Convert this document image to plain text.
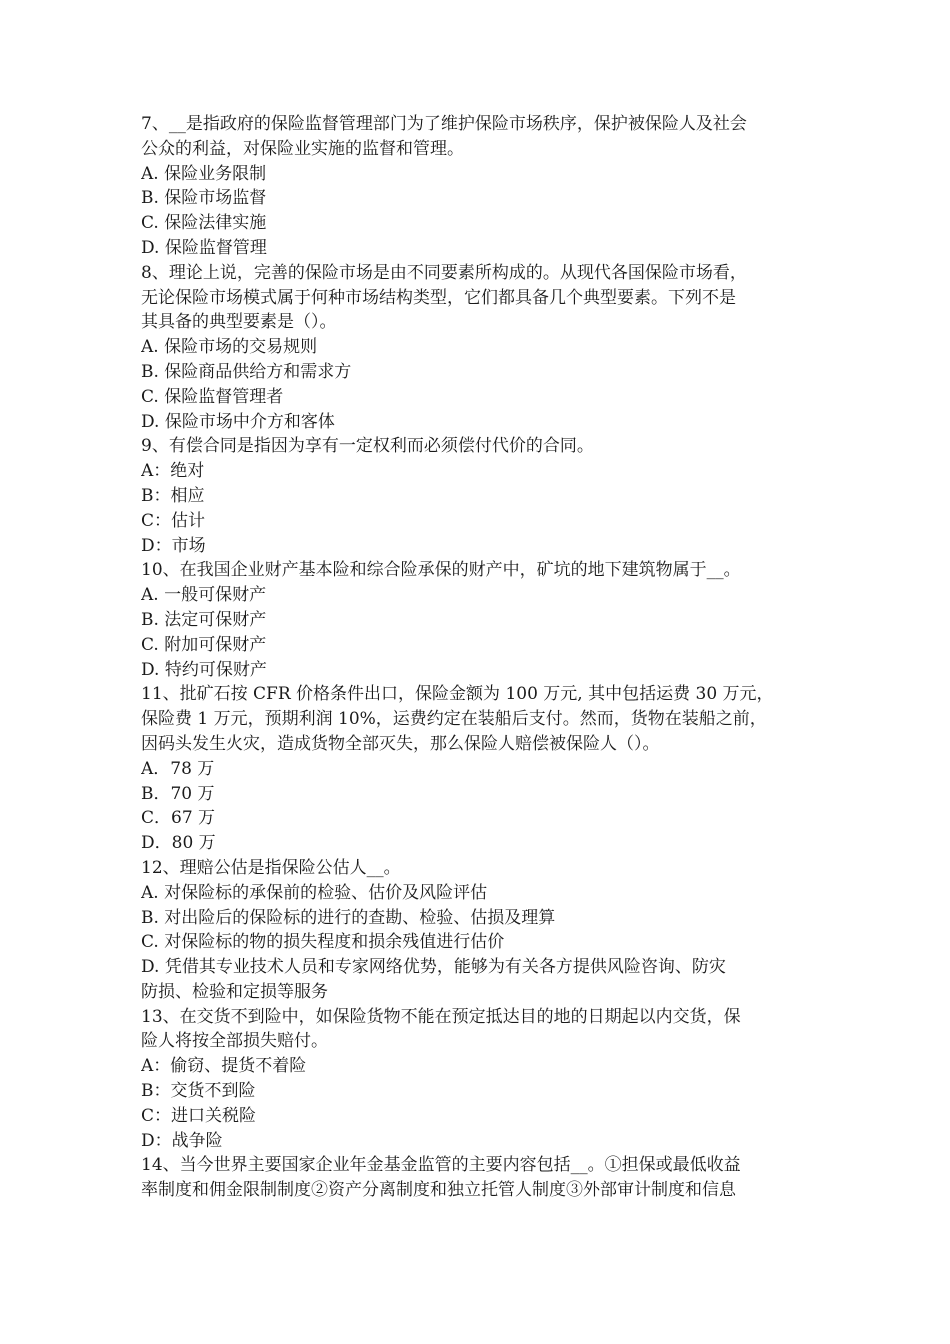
7、__是指政府的保险监督管理部门为了维护保险市场秩序，保护被保险人及社会
公众的利益，对保险业实施的监督和管理。
A. 保险业务限制
B. 保险市场监督
C. 保险法律实施
D. 保险监督管理
8、理论上说，完善的保险市场是由不同要素所构成的。从现代各国保险市场看，
无论保险市场模式属于何种市场结构类型，它们都具备几个典型要素。下列不是
其具备的典型要素是（）。
A. 保险市场的交易规则
B. 保险商品供给方和需求方
C. 保险监督管理者
D. 保险市场中介方和客体
9、有偿合同是指因为享有一定权利而必须偿付代价的合同。
A：绝对
B：相应
C：估计
D：市场
10、在我国企业财产基本险和综合险承保的财产中，矿坑的地下建筑物属于__。
A. 一般可保财产
B. 法定可保财产
C. 附加可保财产
D. 特约可保财产
11、批矿石按 CFR 价格条件出口，保险金额为 100 万元, 其中包括运费 30 万元，
保险费 1 万元，预期利润 10%，运费约定在装船后支付。然而，货物在装船之前，
因码头发生火灾，造成货物全部灭失，那么保险人赔偿被保险人（）。
A．78 万
B．70 万
C．67 万
D．80 万
12、理赔公估是指保险公估人__。
A. 对保险标的承保前的检验、估价及风险评估
B. 对出险后的保险标的进行的查勘、检验、估损及理算
C. 对保险标的物的损失程度和损余残值进行估价
D. 凭借其专业技术人员和专家网络优势，能够为有关各方提供风险咨询、防灾
防损、检验和定损等服务
13、在交货不到险中，如保险货物不能在预定抵达目的地的日期起以内交货，保
险人将按全部损失赔付。
A：偷窃、提货不着险
B：交货不到险
C：进口关税险
D：战争险
14、当今世界主要国家企业年金基金监管的主要内容包括__。①担保或最低收益
率制度和佣金限制制度②资产分离制度和独立托管人制度③外部审计制度和信息
